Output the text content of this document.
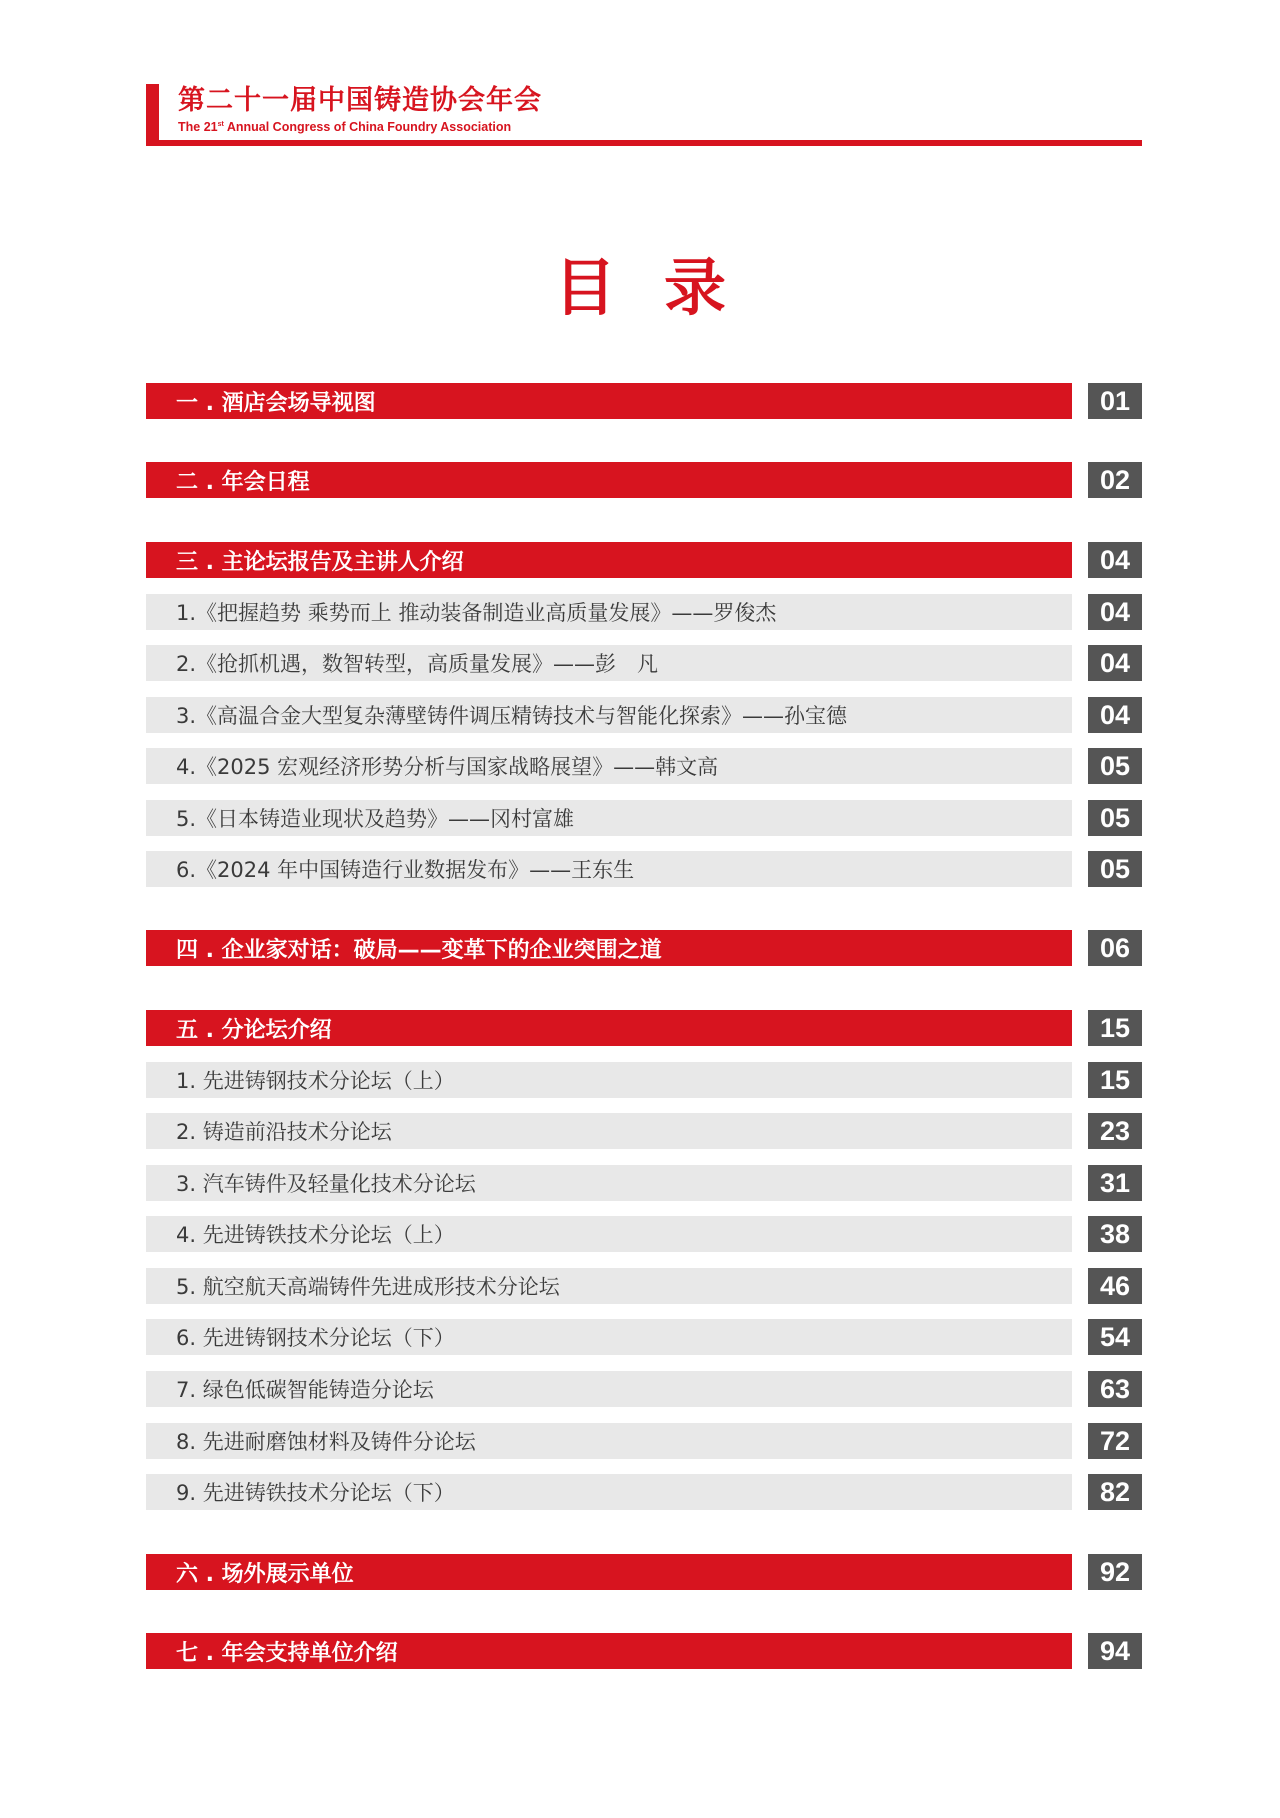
第二十一届中国铸造协会年会
The 21st Annual Congress of China Foundry Association
目录
一 . 酒店会场导视图	01
二 . 年会日程	02
三 . 主论坛报告及主讲人介绍	04
1.《把握趋势 乘势而上 推动装备制造业高质量发展》——罗俊杰	04
2.《抢抓机遇，数智转型，高质量发展》——彭　凡	04
3.《高温合金大型复杂薄壁铸件调压精铸技术与智能化探索》——孙宝德	04
4.《2025 宏观经济形势分析与国家战略展望》——韩文高	05
5.《日本铸造业现状及趋势》——冈村富雄	05
6.《2024 年中国铸造行业数据发布》——王东生	05
四 . 企业家对话：破局——变革下的企业突围之道	06
五 . 分论坛介绍	15
1. 先进铸钢技术分论坛（上）	15
2. 铸造前沿技术分论坛	23
3. 汽车铸件及轻量化技术分论坛	31
4. 先进铸铁技术分论坛（上）	38
5. 航空航天高端铸件先进成形技术分论坛	46
6. 先进铸钢技术分论坛（下）	54
7. 绿色低碳智能铸造分论坛	63
8. 先进耐磨蚀材料及铸件分论坛	72
9. 先进铸铁技术分论坛（下）	82
六 . 场外展示单位	92
七 . 年会支持单位介绍	94
